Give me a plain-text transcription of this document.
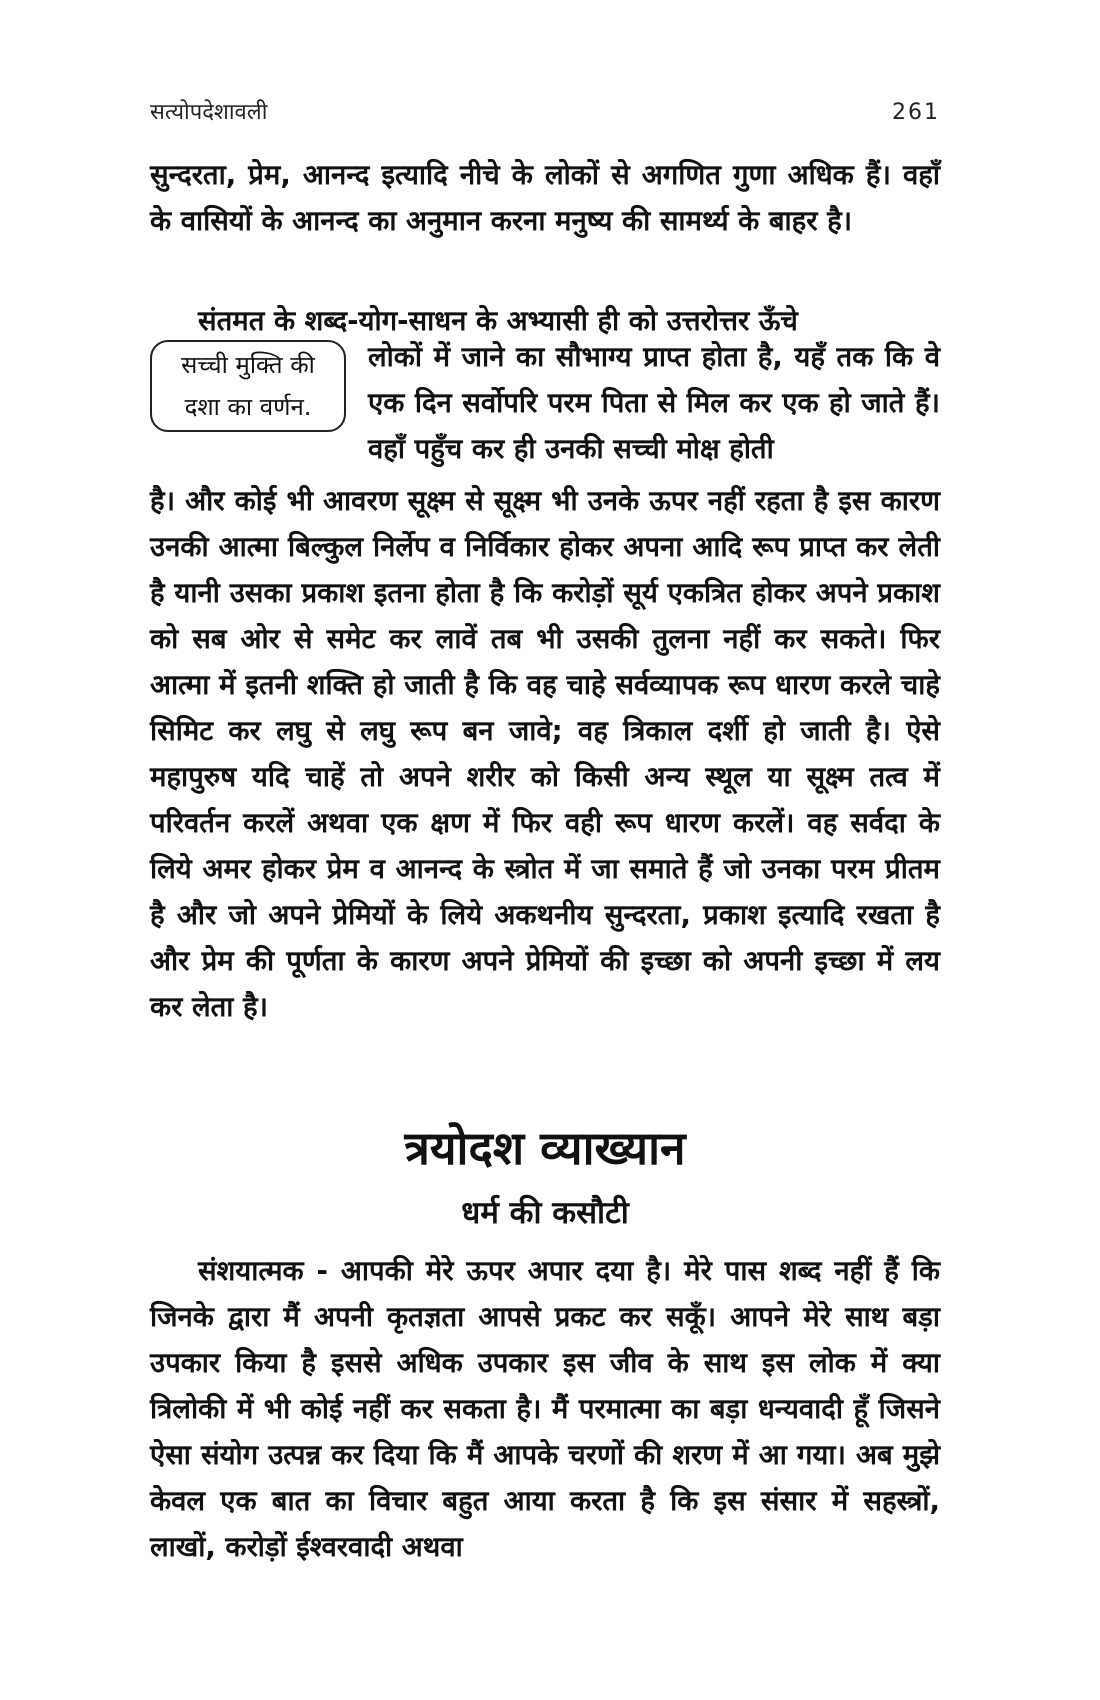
सत्योपदेशावली	261

सुन्दरता, प्रेम, आनन्द इत्यादि नीचे के लोकों से अगणित गुणा अधिक हैं। वहाँ के वासियों के आनन्द का अनुमान करना मनुष्य की सामर्थ्य के बाहर है।

संतमत के शब्द-योग-साधन के अभ्यासी ही को उत्तरोत्तर ऊँचे

सच्ची मुक्ति की
दशा का वर्णन.
लोकों में जाने का सौभाग्य प्राप्त होता है, यहँ तक कि वे एक दिन सर्वोपरि परम पिता से मिल कर एक हो जाते हैं। वहाँ पहुँच कर ही उनकी सच्ची मोक्ष होती

है। और कोई भी आवरण सूक्ष्म से सूक्ष्म भी उनके ऊपर नहीं रहता है इस कारण उनकी आत्मा बिल्कुल निर्लेप व निर्विकार होकर अपना आदि रूप प्राप्त कर लेती है यानी उसका प्रकाश इतना होता है कि करोड़ों सूर्य एकत्रित होकर अपने प्रकाश को सब ओर से समेट कर लावें तब भी उसकी तुलना नहीं कर सकते। फिर आत्मा में इतनी शक्ति हो जाती है कि वह चाहे सर्वव्यापक रूप धारण करले चाहे सिमिट कर लघु से लघु रूप बन जावे; वह त्रिकाल दर्शी हो जाती है। ऐसे महापुरुष यदि चाहें तो अपने शरीर को किसी अन्य स्थूल या सूक्ष्म तत्व में परिवर्तन करलें अथवा एक क्षण में फिर वही रूप धारण करलें। वह सर्वदा के लिये अमर होकर प्रेम व आनन्द के स्त्रोत में जा समाते हैं जो उनका परम प्रीतम है और जो अपने प्रेमियों के लिये अकथनीय सुन्दरता, प्रकाश इत्यादि रखता है और प्रेम की पूर्णता के कारण अपने प्रेमियों की इच्छा को अपनी इच्छा में लय कर लेता है।

त्रयोदश व्याख्यान
धर्म की कसौटी

संशयात्मक - आपकी मेरे ऊपर अपार दया है। मेरे पास शब्द नहीं हैं कि जिनके द्वारा मैं अपनी कृतज्ञता आपसे प्रकट कर सकूँ। आपने मेरे साथ बड़ा उपकार किया है इससे अधिक उपकार इस जीव के साथ इस लोक में क्या त्रिलोकी में भी कोई नहीं कर सकता है। मैं परमात्मा का बड़ा धन्यवादी हूँ जिसने ऐसा संयोग उत्पन्न कर दिया कि मैं आपके चरणों की शरण में आ गया। अब मुझे केवल एक बात का विचार बहुत आया करता है कि इस संसार में सहस्त्रों, लाखों, करोड़ों ईश्वरवादी अथवा
